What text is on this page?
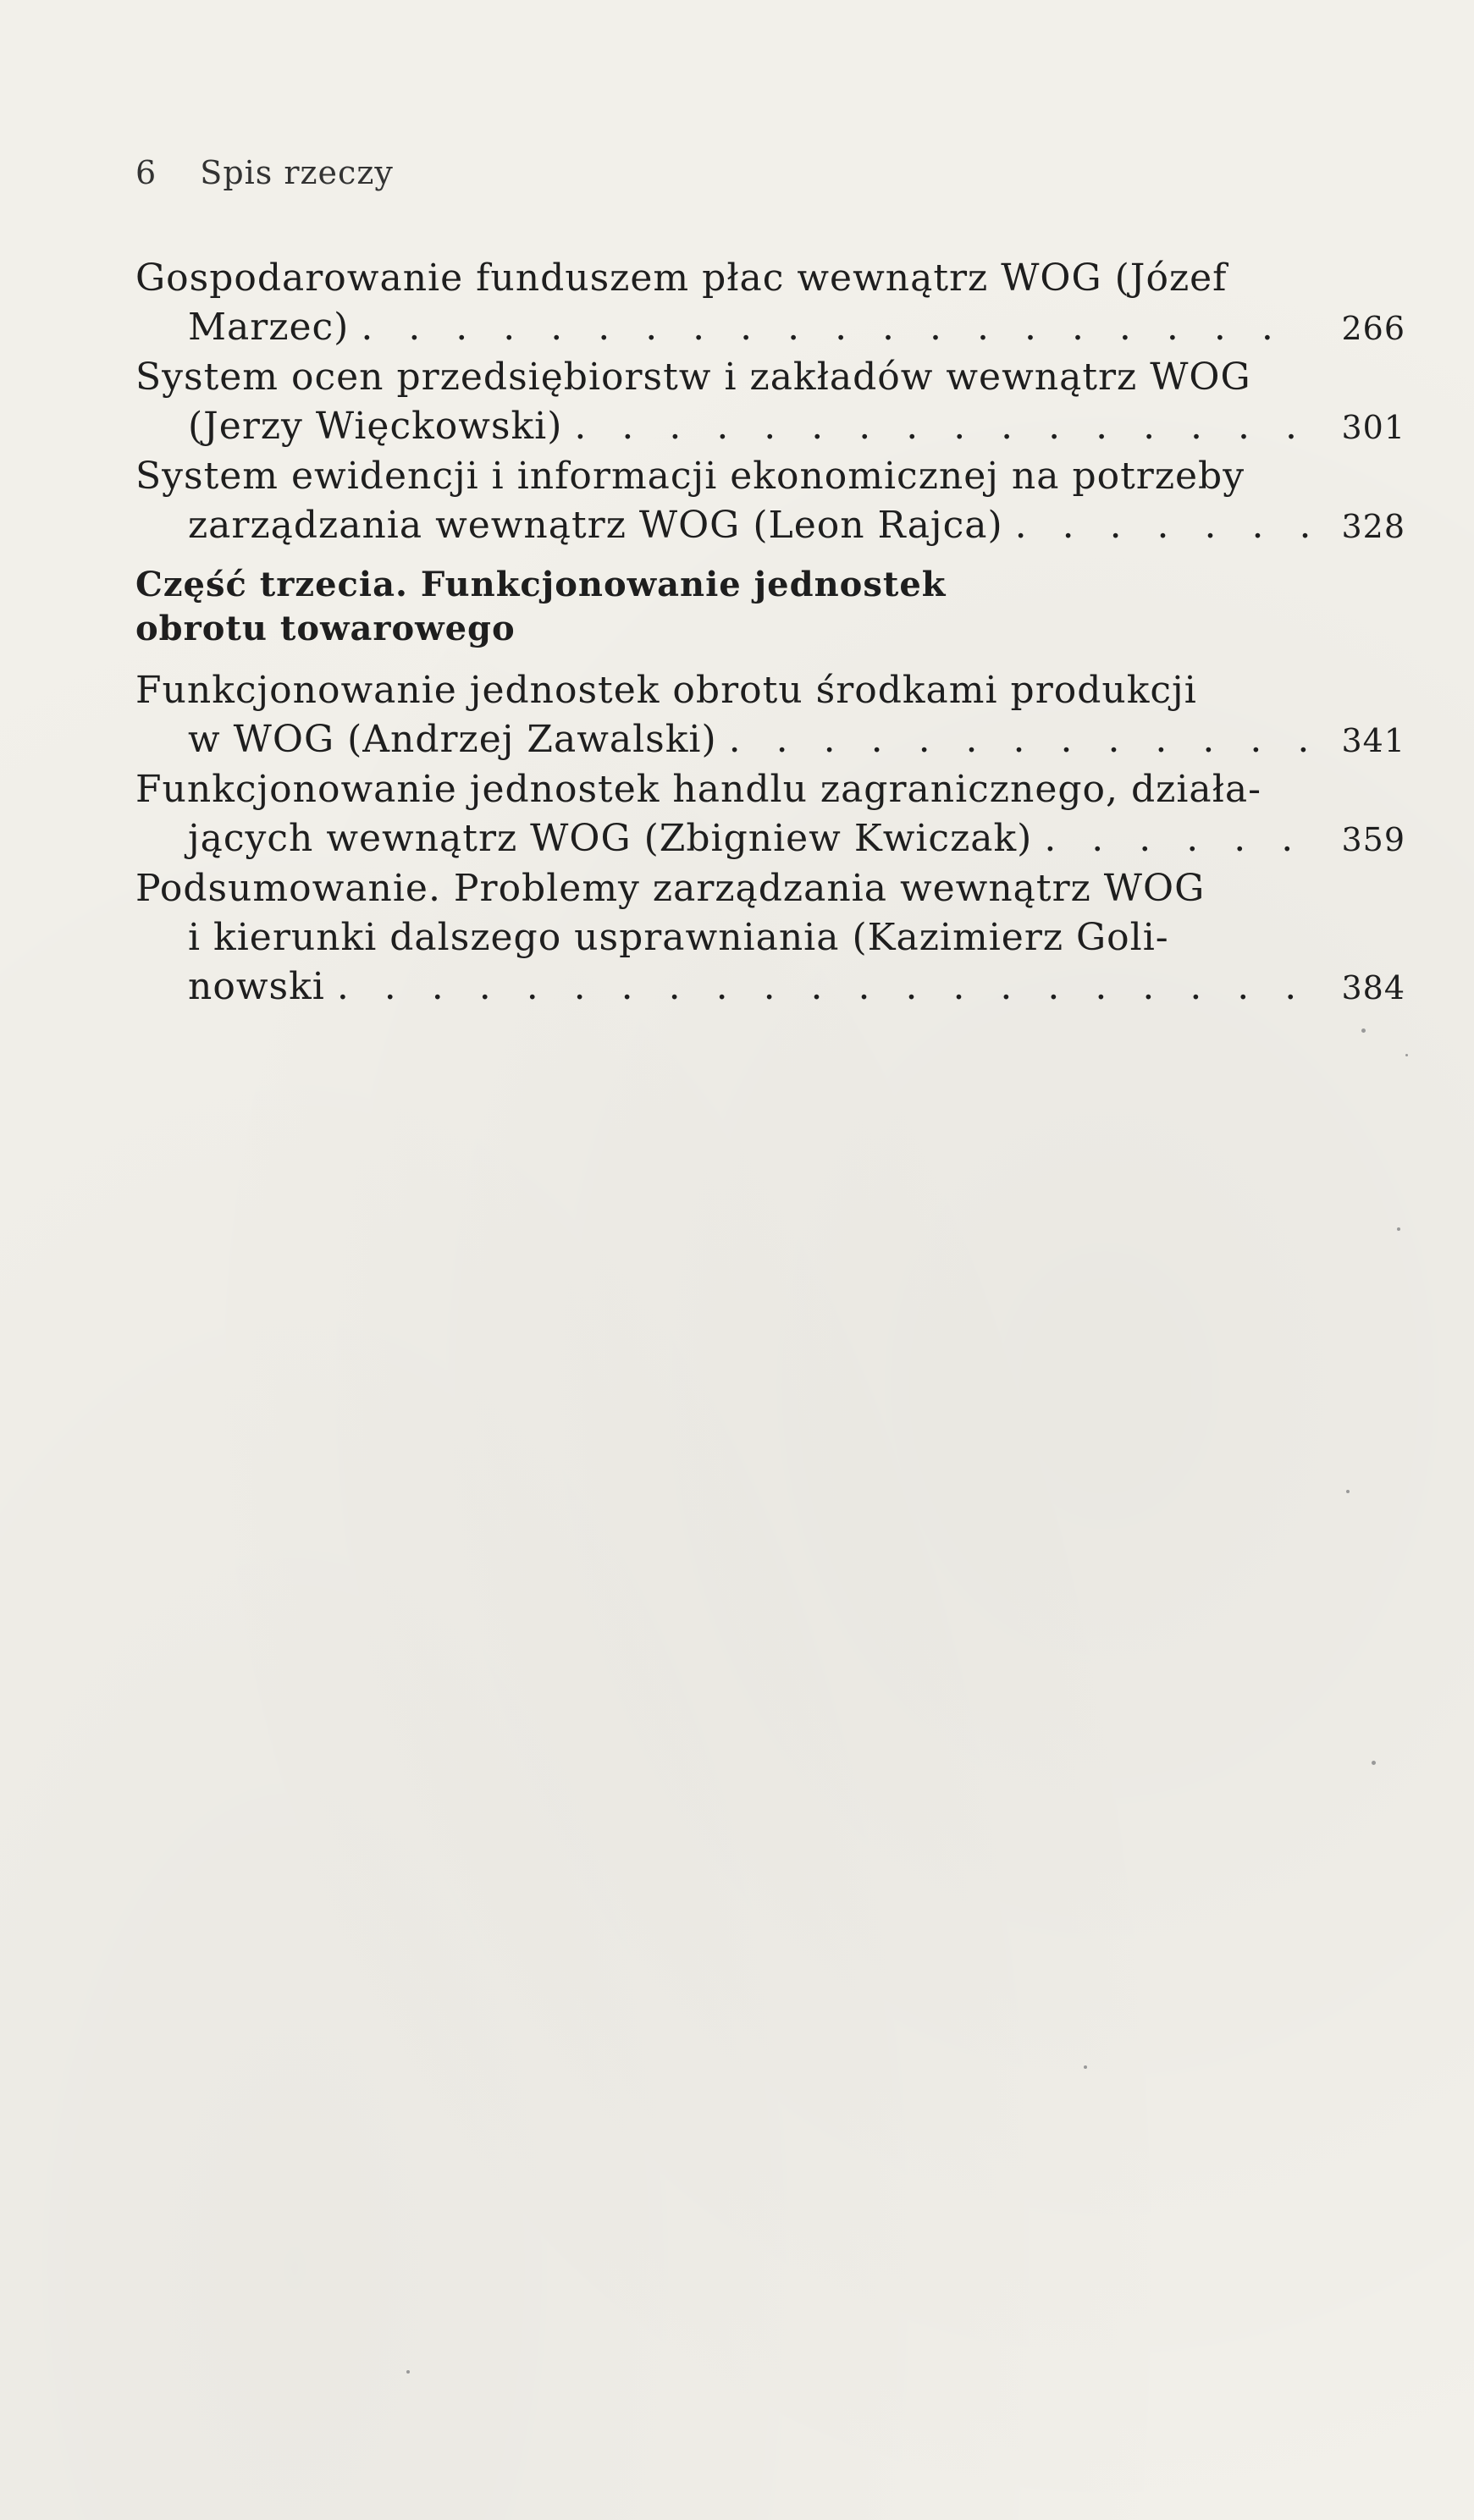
6 Spis rzeczy
Gospodarowanie funduszem płac wewnątrz WOG (Józef
Marzec) . . .	266
System ocen przedsiębiorstw i zakładów wewnątrz WOG
(Jerzy Więckowski) . . .	301
System ewidencji i informacji ekonomicznej na potrzeby
zarządzania wewnątrz WOG (Leon Rajca) . . .	328
Część trzecia. Funkcjonowanie jednostek
obrotu towarowego
Funkcjonowanie jednostek obrotu środkami produkcji
w WOG (Andrzej Zawalski) . . .	341
Funkcjonowanie jednostek handlu zagranicznego, działa-
jących wewnątrz WOG (Zbigniew Kwiczak) . . .	359
Podsumowanie. Problemy zarządzania wewnątrz WOG
i kierunki dalszego usprawniania (Kazimierz Goli-
nowski . . .	384
